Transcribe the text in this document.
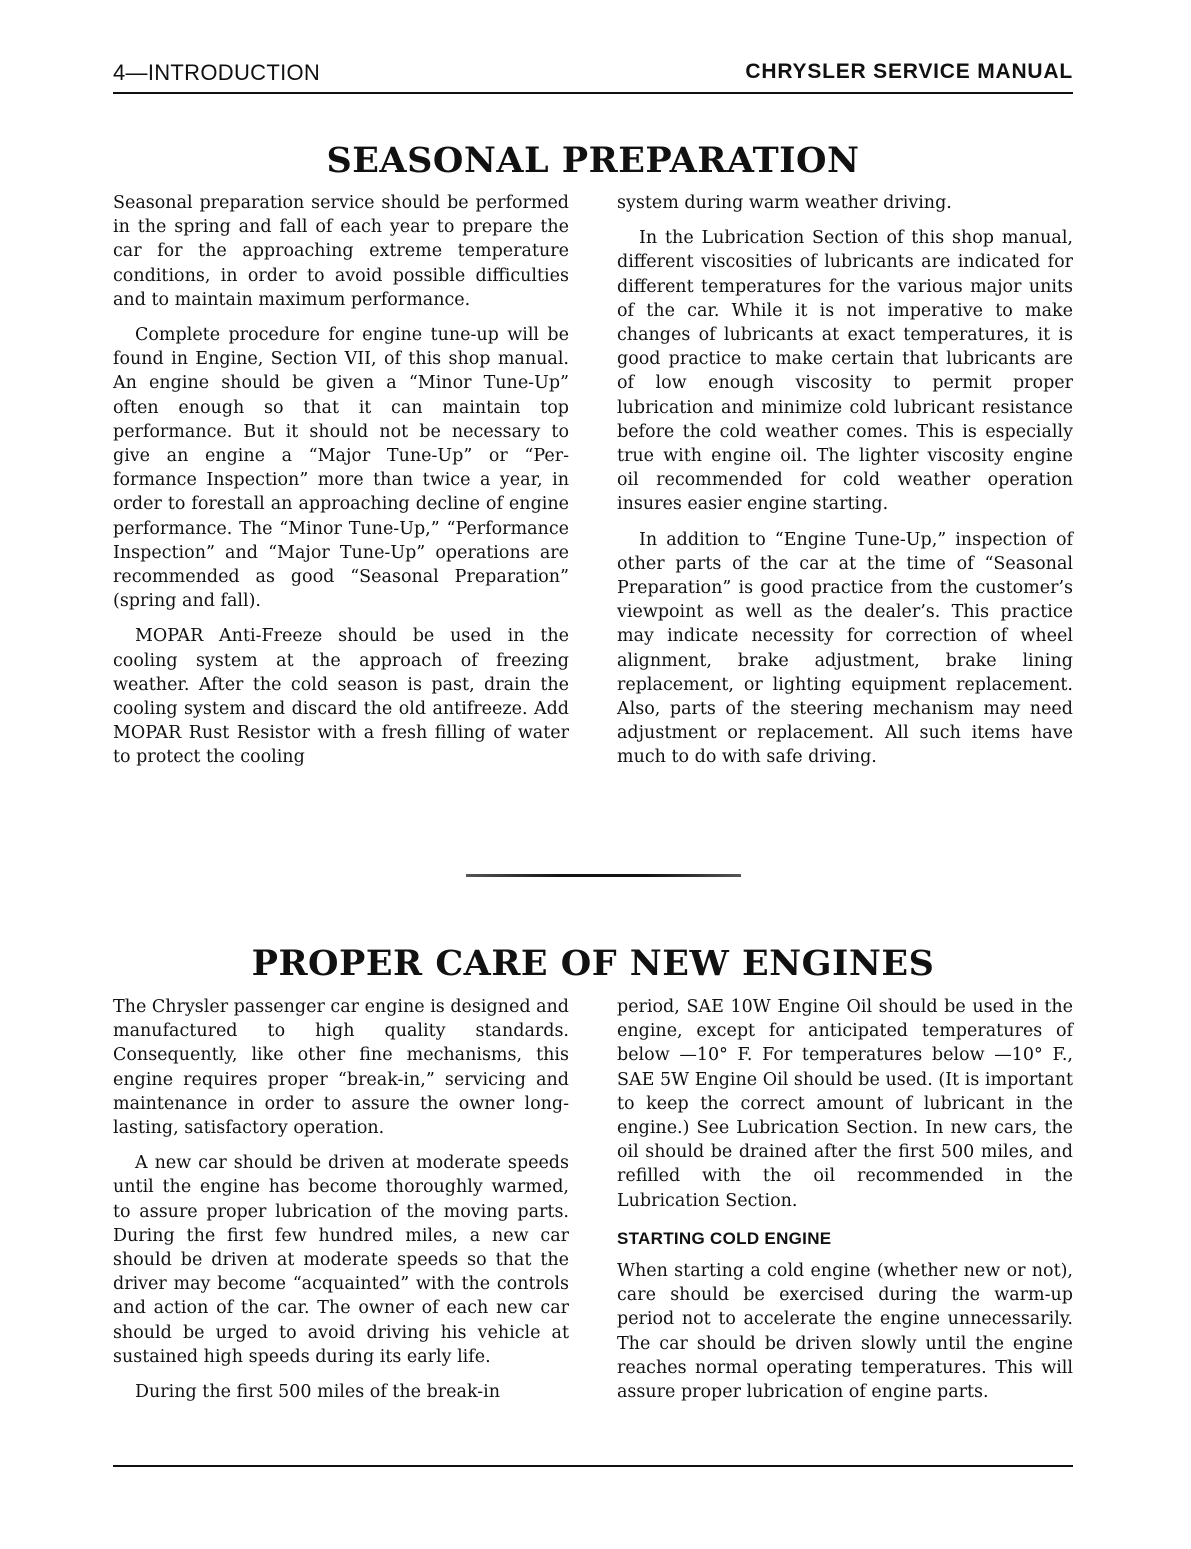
4—INTRODUCTION	CHRYSLER SERVICE MANUAL
SEASONAL PREPARATION

Seasonal preparation service should be performed in the spring and fall of each year to prepare the car for the approaching extreme temperature conditions, in order to avoid possible difficulties and to maintain maximum performance.

Complete procedure for engine tune-up will be found in Engine, Section VII, of this shop manual. An engine should be given a “Minor Tune-Up” often enough so that it can maintain top performance. But it should not be necessary to give an engine a “Major Tune-Up” or “Performance Inspection” more than twice a year, in order to forestall an approaching decline of engine performance. The “Minor Tune-Up,” “Performance Inspection” and “Major Tune-Up” operations are recommended as good “Seasonal Preparation” (spring and fall).

MOPAR Anti-Freeze should be used in the cooling system at the approach of freezing weather. After the cold season is past, drain the cooling system and discard the old antifreeze. Add MOPAR Rust Resistor with a fresh filling of water to protect the cooling

system during warm weather driving.

In the Lubrication Section of this shop manual, different viscosities of lubricants are indicated for different temperatures for the various major units of the car. While it is not imperative to make changes of lubricants at exact temperatures, it is good practice to make certain that lubricants are of low enough viscosity to permit proper lubrication and minimize cold lubricant resistance before the cold weather comes. This is especially true with engine oil. The lighter viscosity engine oil recommended for cold weather operation insures easier engine starting.

In addition to “Engine Tune-Up,” inspection of other parts of the car at the time of “Seasonal Preparation” is good practice from the customer’s viewpoint as well as the dealer’s. This practice may indicate necessity for correction of wheel alignment, brake adjustment, brake lining replacement, or lighting equipment replacement. Also, parts of the steering mechanism may need adjustment or replacement. All such items have much to do with safe driving.

PROPER CARE OF NEW ENGINES

The Chrysler passenger car engine is designed and manufactured to high quality standards. Consequently, like other fine mechanisms, this engine requires proper “break-in,” servicing and maintenance in order to assure the owner long-lasting, satisfactory operation.

A new car should be driven at moderate speeds until the engine has become thoroughly warmed, to assure proper lubrication of the moving parts. During the first few hundred miles, a new car should be driven at moderate speeds so that the driver may become “acquainted” with the controls and action of the car. The owner of each new car should be urged to avoid driving his vehicle at sustained high speeds during its early life.

During the first 500 miles of the break-in

period, SAE 10W Engine Oil should be used in the engine, except for anticipated temperatures of below —10° F. For temperatures below —10° F., SAE 5W Engine Oil should be used. (It is important to keep the correct amount of lubricant in the engine.) See Lubrication Section. In new cars, the oil should be drained after the first 500 miles, and refilled with the oil recommended in the Lubrication Section.

STARTING COLD ENGINE

When starting a cold engine (whether new or not), care should be exercised during the warm-up period not to accelerate the engine unnecessarily. The car should be driven slowly until the engine reaches normal operating temperatures. This will assure proper lubrication of engine parts.
